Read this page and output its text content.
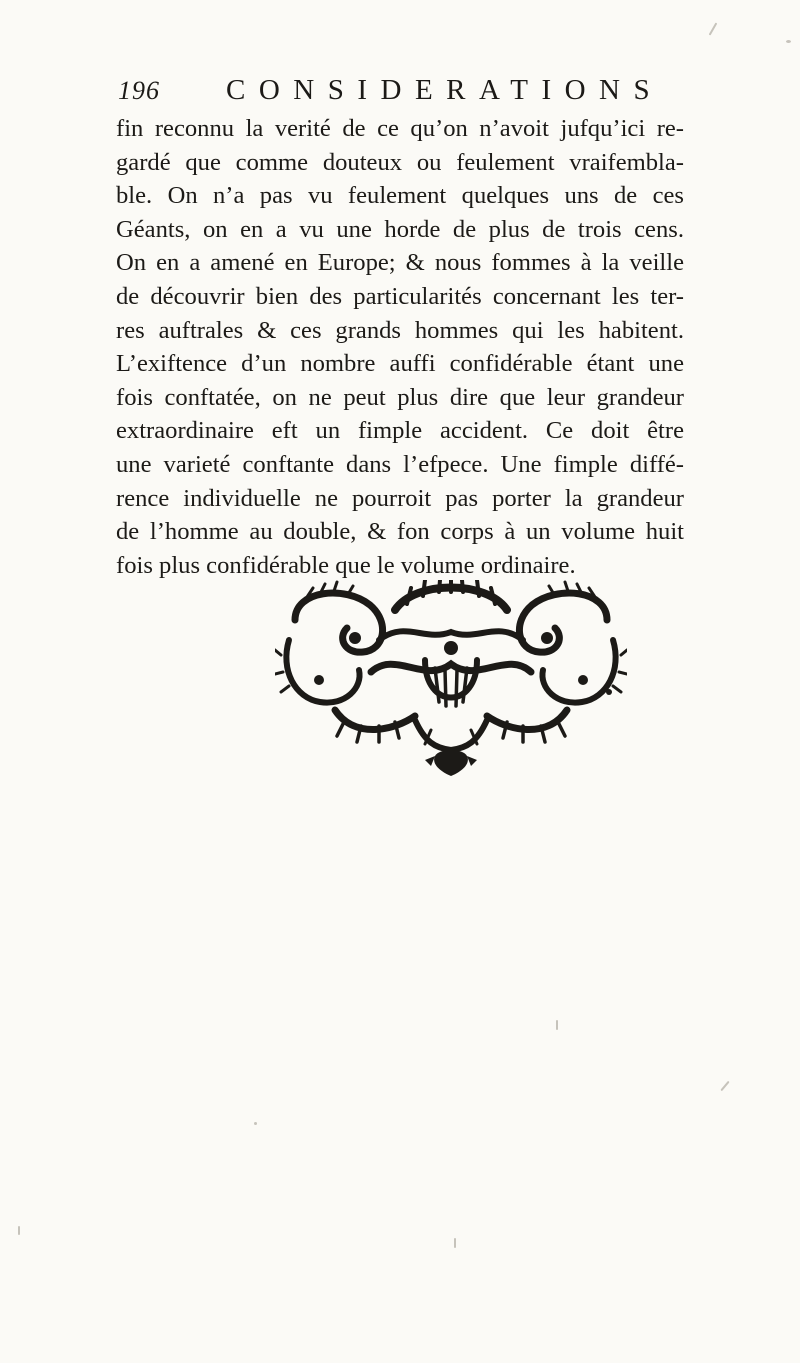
196 CONSIDERATIONS
fin reconnu la verité de ce qu’on n’avoit jufqu’ici re-
gardé que comme douteux ou feulement vraifembla-
ble. On n’a pas vu feulement quelques uns de ces
Géants, on en a vu une horde de plus de trois cens.
On en a amené en Europe; & nous fommes à la veille
de découvrir bien des particularités concernant les ter-
res auftrales & ces grands hommes qui les habitent.
L’exiftence d’un nombre auffi confidérable étant une
fois conftatée, on ne peut plus dire que leur grandeur
extraordinaire eft un fimple accident. Ce doit être
une varieté conftante dans l’efpece. Une fimple diffé-
rence individuelle ne pourroit pas porter la grandeur
de l’homme au double, & fon corps à un volume huit
fois plus confidérable que le volume ordinaire.
